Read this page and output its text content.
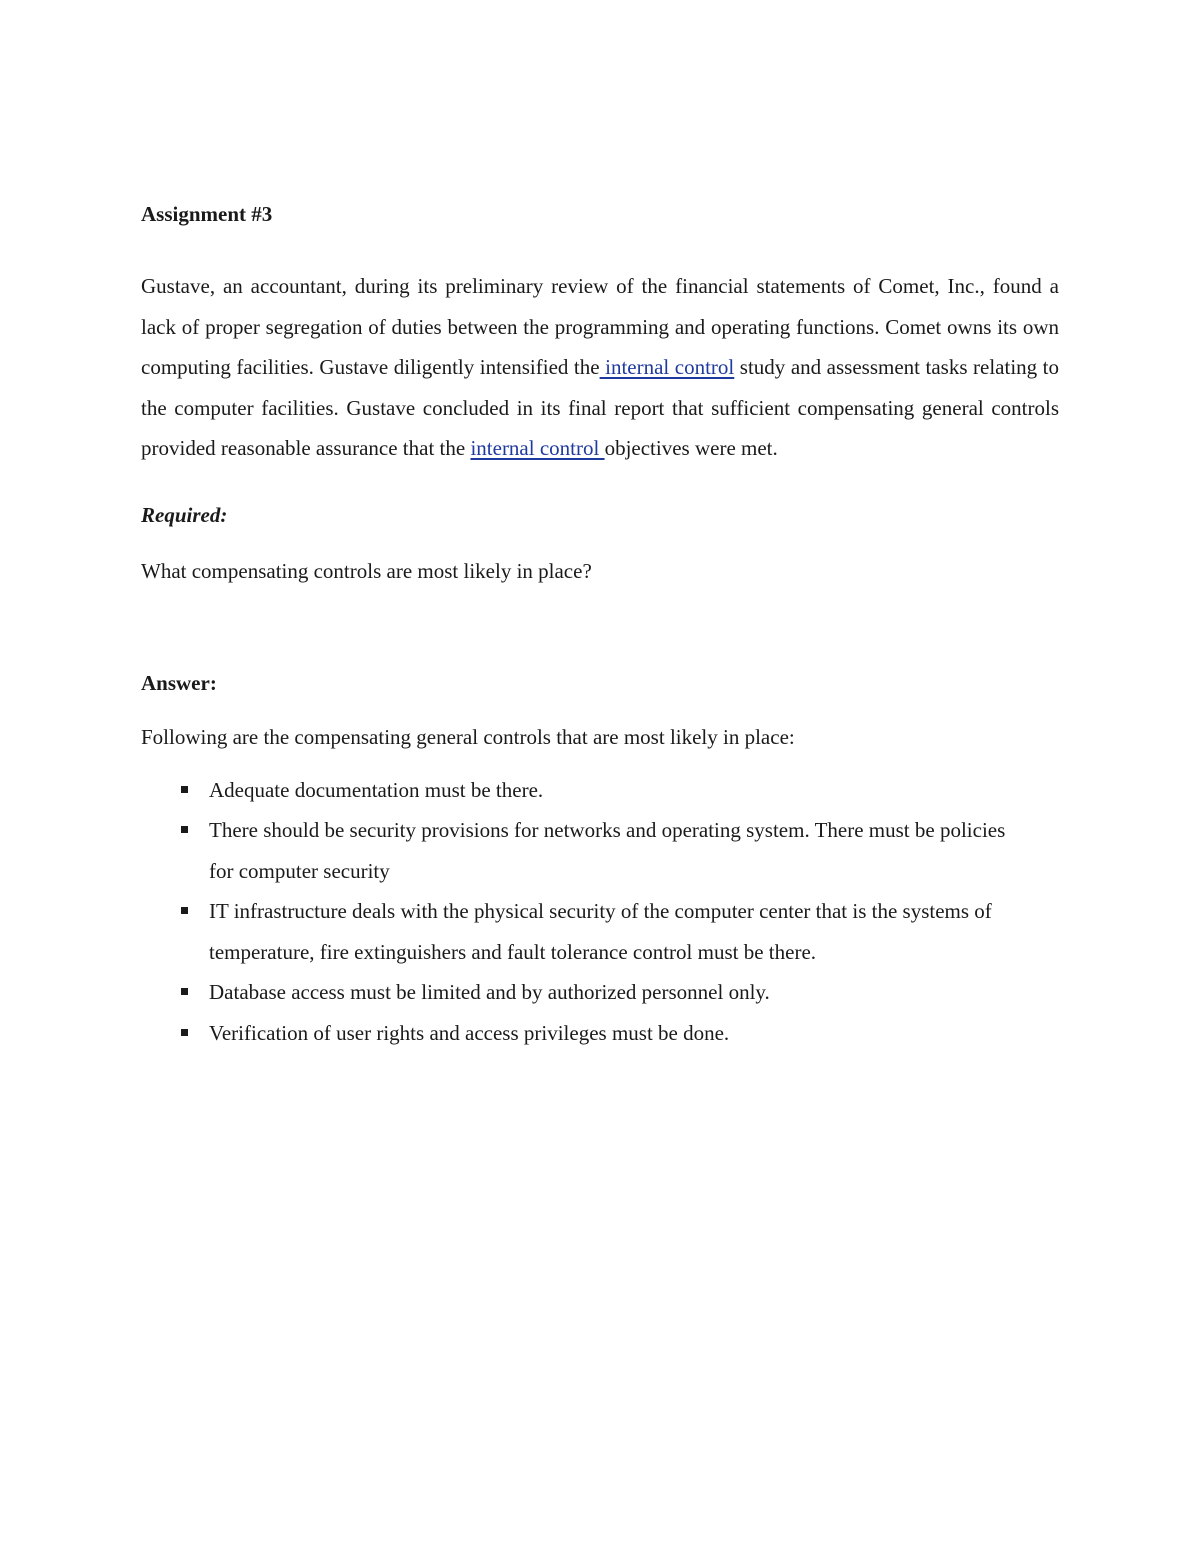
Assignment #3

Gustave, an accountant, during its preliminary review of the financial statements of Comet, Inc., found a lack of proper segregation of duties between the programming and operating functions. Comet owns its own computing facilities. Gustave diligently intensified the internal control study and assessment tasks relating to the computer facilities. Gustave concluded in its final report that sufficient compensating general controls provided reasonable assurance that the internal control objectives were met.

Required:

What compensating controls are most likely in place?

Answer:

Following are the compensating general controls that are most likely in place:

Adequate documentation must be there.
There should be security provisions for networks and operating system. There must be policies for computer security
IT infrastructure deals with the physical security of the computer center that is the systems of temperature, fire extinguishers and fault tolerance control must be there.
Database access must be limited and by authorized personnel only.
Verification of user rights and access privileges must be done.
